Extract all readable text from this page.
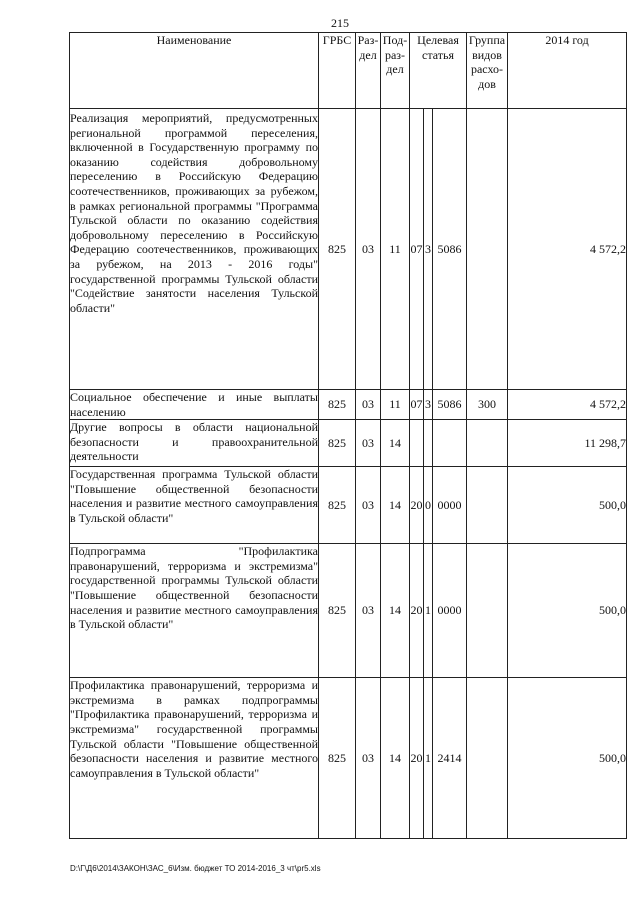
215
Наименование	ГРБС	Раз-дел	Под-раз-дел	Целевая статья			Группа видов расхо-дов	2014 год
Реализация мероприятий, предусмотренных региональной программой переселения, включенной в Государственную программу по оказанию содействия добровольному переселению в Российскую Федерацию соотечественников, проживающих за рубежом, в рамках региональной программы "Программа Тульской области по оказанию содействия добровольному переселению в Российскую Федерацию соотечественников, проживающих за рубежом, на 2013 - 2016 годы" государственной программы Тульской области "Содействие занятости населения Тульской области"	825	03	11	07	3	5086		4 572,2
Социальное обеспечение и иные выплаты населению	825	03	11	07	3	5086	300	4 572,2
Другие вопросы в области национальной безопасности и правоохранительной деятельности	825	03	14					11 298,7
Государственная программа Тульской области "Повышение общественной безопасности населения и развитие местного самоуправления в Тульской области"	825	03	14	20	0	0000		500,0
Подпрограмма "Профилактика правонарушений, терроризма и экстремизма" государственной программы Тульской области "Повышение общественной безопасности населения и развитие местного самоуправления в Тульской области"	825	03	14	20	1	0000		500,0
Профилактика правонарушений, терроризма и экстремизма в рамках подпрограммы "Профилактика правонарушений, терроризма и экстремизма" государственной программы Тульской области "Повышение общественной безопасности населения и развитие местного самоуправления в Тульской области"	825	03	14	20	1	2414		500,0
D:\Г\Д6\2014\ЗАКОН\ЗАС_6\Изм. бюджет ТО 2014-2016_3 чт\pr5.xls
